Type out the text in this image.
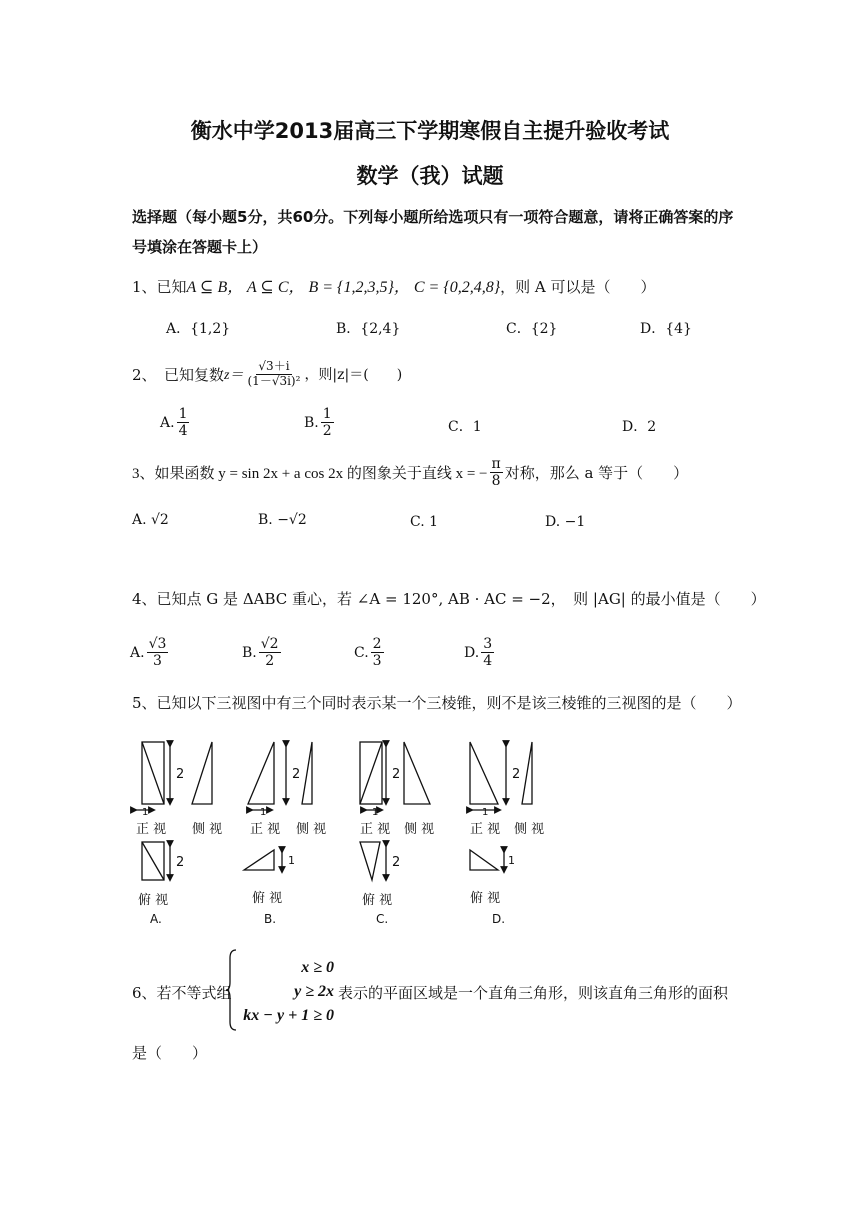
衡水中学2013届高三下学期寒假自主提升验收考试
数学（我）试题
选择题（每小题5分，共60分。下列每小题所给选项只有一项符合题意，请将正确答案的序
号填涂在答题卡上）
1、已知A ⊆ B， A ⊆ C， B = {1,2,3,5}， C = {0,2,4,8}，则 A 可以是（　　）
A．{1,2}	B．{2,4}	C．{2}	D．{4}
2、　已知复数 $z= \frac{√3+i}{\text{(1－√3i)²}}$ ，则|z|＝(　　)
A. $\frac{1}{4}$	B. $\frac{1}{2}$	C．1	D．2
3、如果函数 y = sin 2x + a cos 2x 的图象关于直线 x = − $\frac{\pi}{8}$ 对称，那么 a 等于（　　）
A. √2	B. −√2	C. 1	D. −1
4、已知点 G 是 ΔABC 重心，若 ∠A = 120°, AB · AC = −2，　则 |AG| 的最小值是（　　）
A. $\frac{√3}{3}$	B. $\frac{√2}{2}$	C. $\frac{2}{3}$	D. $\frac{3}{4}$
5、已知以下三视图中有三个同时表示某一个三棱锥，则不是该三棱锥的三视图的是（　　）
2
2
1
2
1
1
2
2
1
2
1
1
正 视 侧 视 正 视 侧 视	正 视 侧 视	正 视 侧 视
俯 视	俯 视	俯 视	俯 视
A.	B.	C.	D.
6、若不等式组
x ≥ 0
y ≥ 2x
kx − y + 1 ≥ 0
表示的平面区域是一个直角三角形，则该直角三角形的面积
是（　　）
